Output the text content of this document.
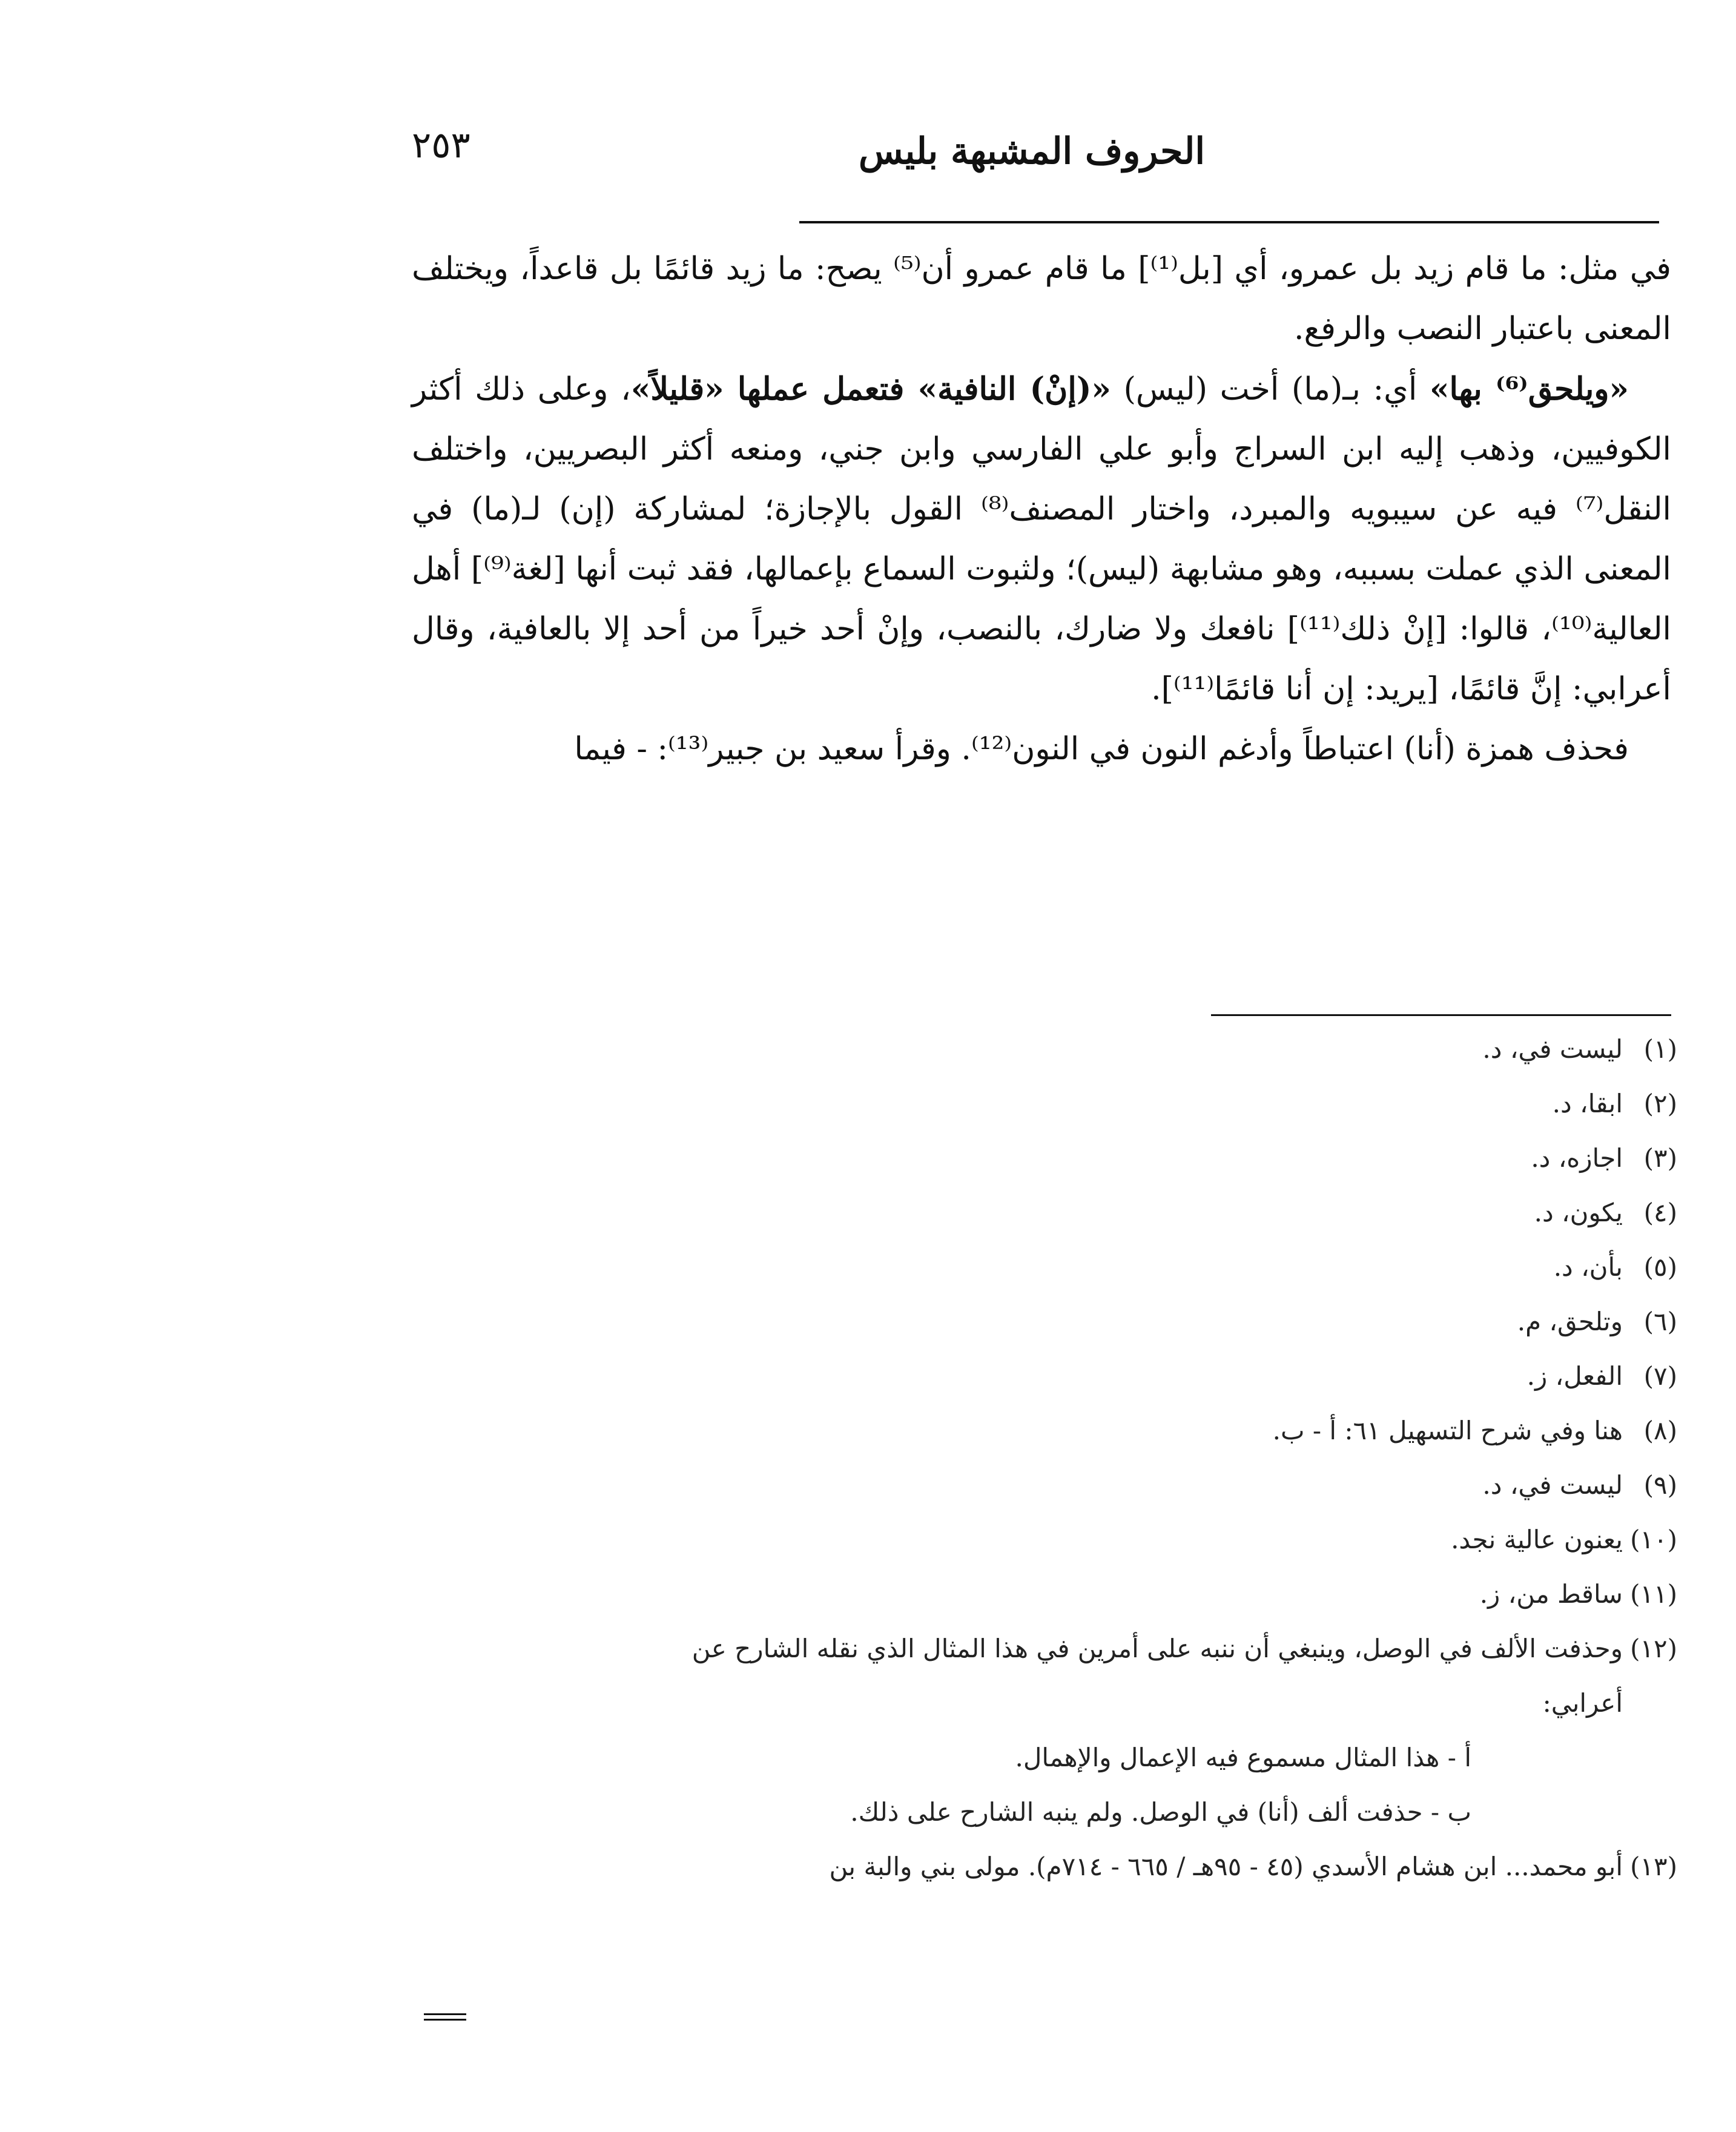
الحروف المشبهة بليس
٢٥٣

في مثل: ما قام زيد بل عمرو، أي [بل⁽¹⁾] ما قام عمرو أن⁽⁵⁾ يصح: ما زيد قائمًا بل قاعداً، ويختلف المعنى باعتبار النصب والرفع.

«ويلحق⁽⁶⁾ بها» أي: بـ(ما) أخت (ليس) «(إنْ) النافية» فتعمل عملها «قليلاً»، وعلى ذلك أكثر الكوفيين، وذهب إليه ابن السراج وأبو علي الفارسي وابن جني، ومنعه أكثر البصريين، واختلف النقل⁽⁷⁾ فيه عن سيبويه والمبرد، واختار المصنف⁽⁸⁾ القول بالإجازة؛ لمشاركة (إن) لـ(ما) في المعنى الذي عملت بسببه، وهو مشابهة (ليس)؛ ولثبوت السماع بإعمالها، فقد ثبت أنها [لغة⁽⁹⁾] أهل العالية⁽¹⁰⁾، قالوا: [إنْ ذلك⁽¹¹⁾] نافعك ولا ضارك، بالنصب، وإنْ أحد خيراً من أحد إلا بالعافية، وقال أعرابي: إنَّ قائمًا، [يريد: إن أنا قائمًا⁽¹¹⁾].

فحذف همزة (أنا) اعتباطاً وأدغم النون في النون⁽¹²⁾. وقرأ سعيد بن جبير⁽¹³⁾: - فيما

(١)ليست في، د.

(٢)ابقا، د.

(٣)اجازه، د.

(٤)يكون، د.

(٥)بأن، د.

(٦)وتلحق، م.

(٧)الفعل، ز.

(٨)هنا وفي شرح التسهيل ٦١: أ - ب.

(٩)ليست في، د.

(١٠)يعنون عالية نجد.

(١١)ساقط من، ز.

(١٢)وحذفت الألف في الوصل، وينبغي أن ننبه على أمرين في هذا المثال الذي نقله الشارح عن

أعرابي:

أ - هذا المثال مسموع فيه الإعمال والإهمال.

ب - حذفت ألف (أنا) في الوصل. ولم ينبه الشارح على ذلك.

(١٣)أبو محمد... ابن هشام الأسدي (٤٥ - ٩٥هـ / ٦٦٥ - ٧١٤م). مولى بني والبة بن
